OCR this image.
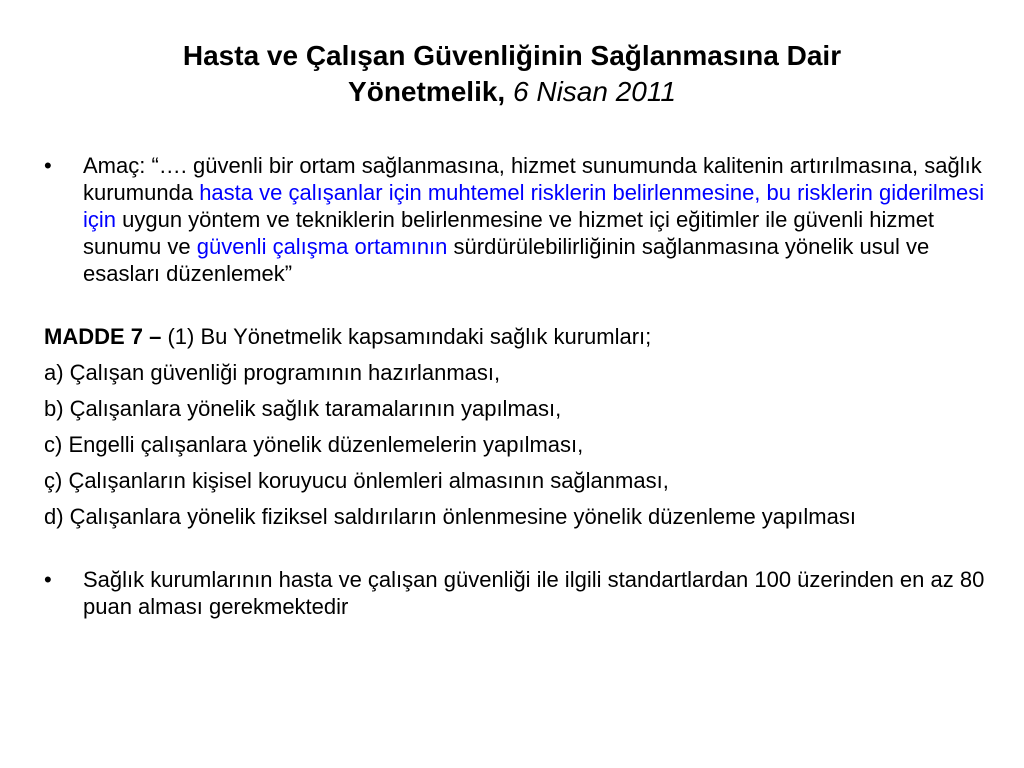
Hasta ve Çalışan Güvenliğinin Sağlanmasına Dair
Yönetmelik, 6 Nisan 2011
• Amaç: “…. güvenli bir ortam sağlanmasına, hizmet sunumunda kalitenin artırılmasına, sağlık kurumunda hasta ve çalışanlar için muhtemel risklerin belirlenmesine, bu risklerin giderilmesi için uygun yöntem ve tekniklerin belirlenmesine ve hizmet içi eğitimler ile güvenli hizmet sunumu ve güvenli çalışma ortamının sürdürülebilirliğinin sağlanmasına yönelik usul ve esasları düzenlemek”
MADDE 7 – (1) Bu Yönetmelik kapsamındaki sağlık kurumları;
a) Çalışan güvenliği programının hazırlanması,
b) Çalışanlara yönelik sağlık taramalarının yapılması,
c) Engelli çalışanlara yönelik düzenlemelerin yapılması,
ç) Çalışanların kişisel koruyucu önlemleri almasının sağlanması,
d) Çalışanlara yönelik fiziksel saldırıların önlenmesine yönelik düzenleme yapılması
• Sağlık kurumlarının hasta ve çalışan güvenliği ile ilgili standartlardan 100 üzerinden en az 80 puan alması gerekmektedir
